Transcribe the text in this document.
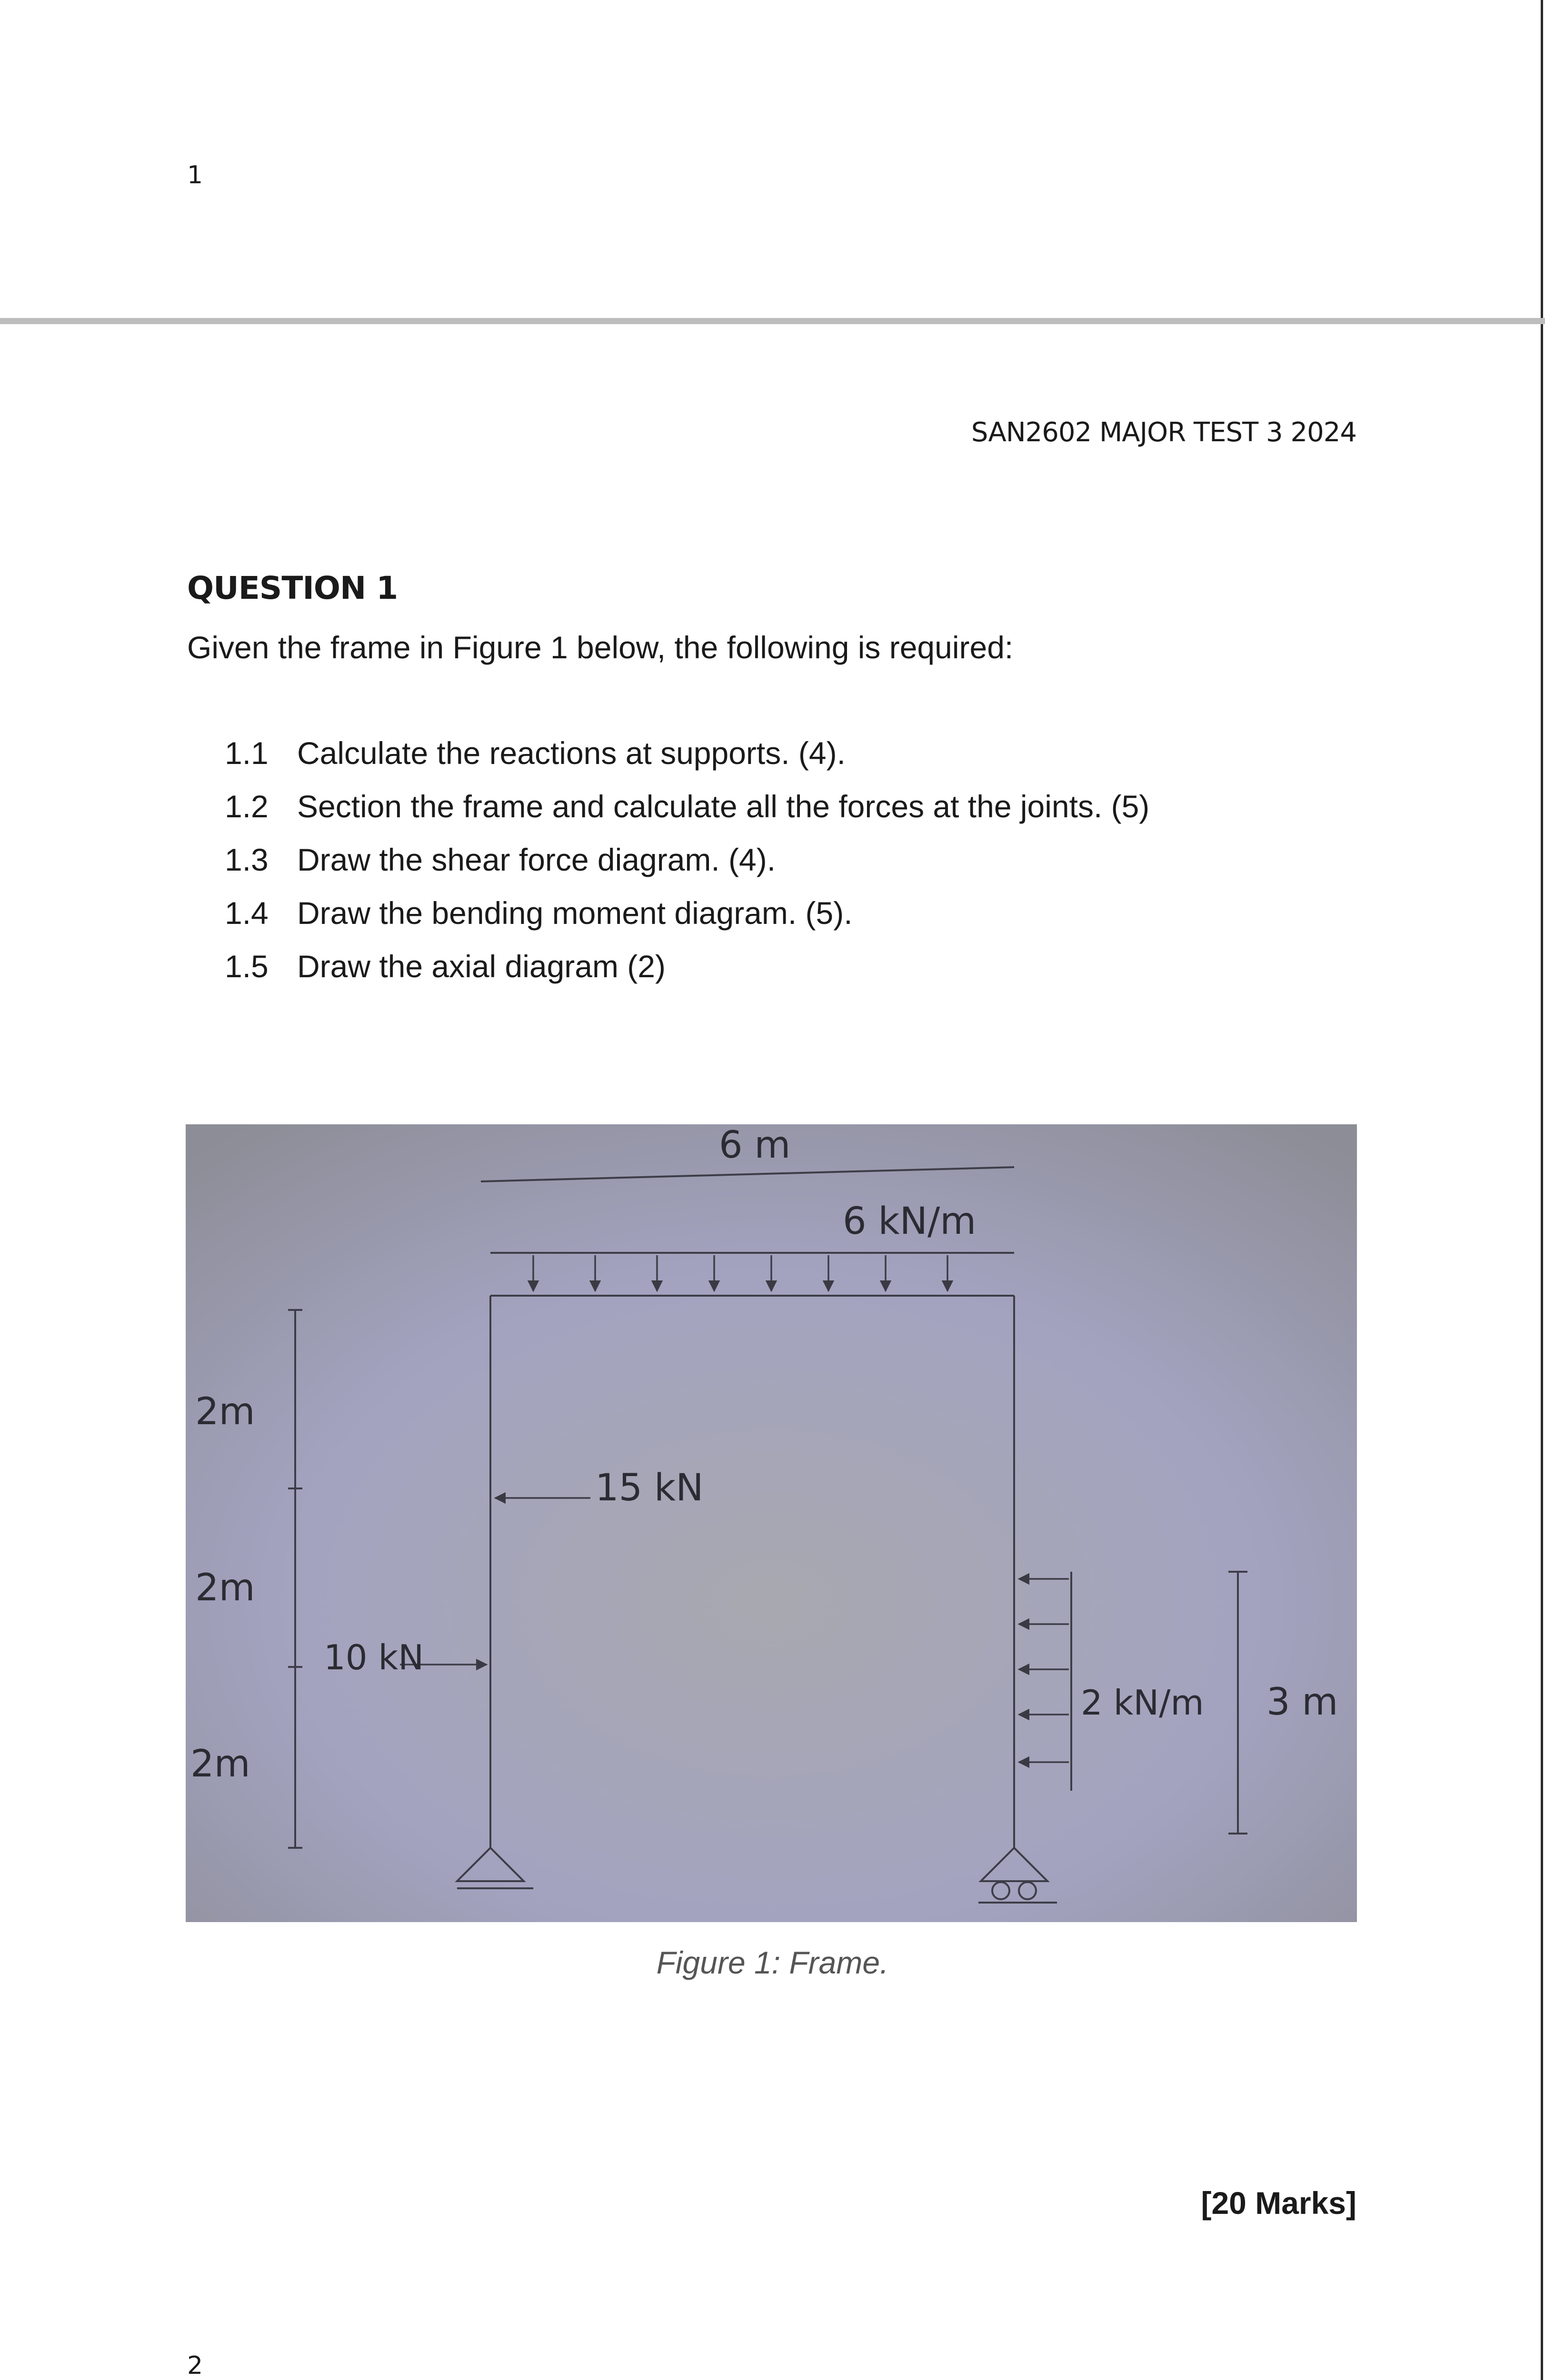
1
SAN2602 MAJOR TEST 3 2024
QUESTION 1
Given the frame in Figure 1 below, the following is required:
1.1 Calculate the reactions at supports. (4).
1.2 Section the frame and calculate all the forces at the joints. (5)
1.3 Draw the shear force diagram. (4).
1.4 Draw the bending moment diagram. (5).
1.5 Draw the axial diagram (2)
6 m
6 kN/m
15 kN
10 kN
2 kN/m 3 m
2m
2m
2m
Figure 1: Frame.
[20 Marks]
2
